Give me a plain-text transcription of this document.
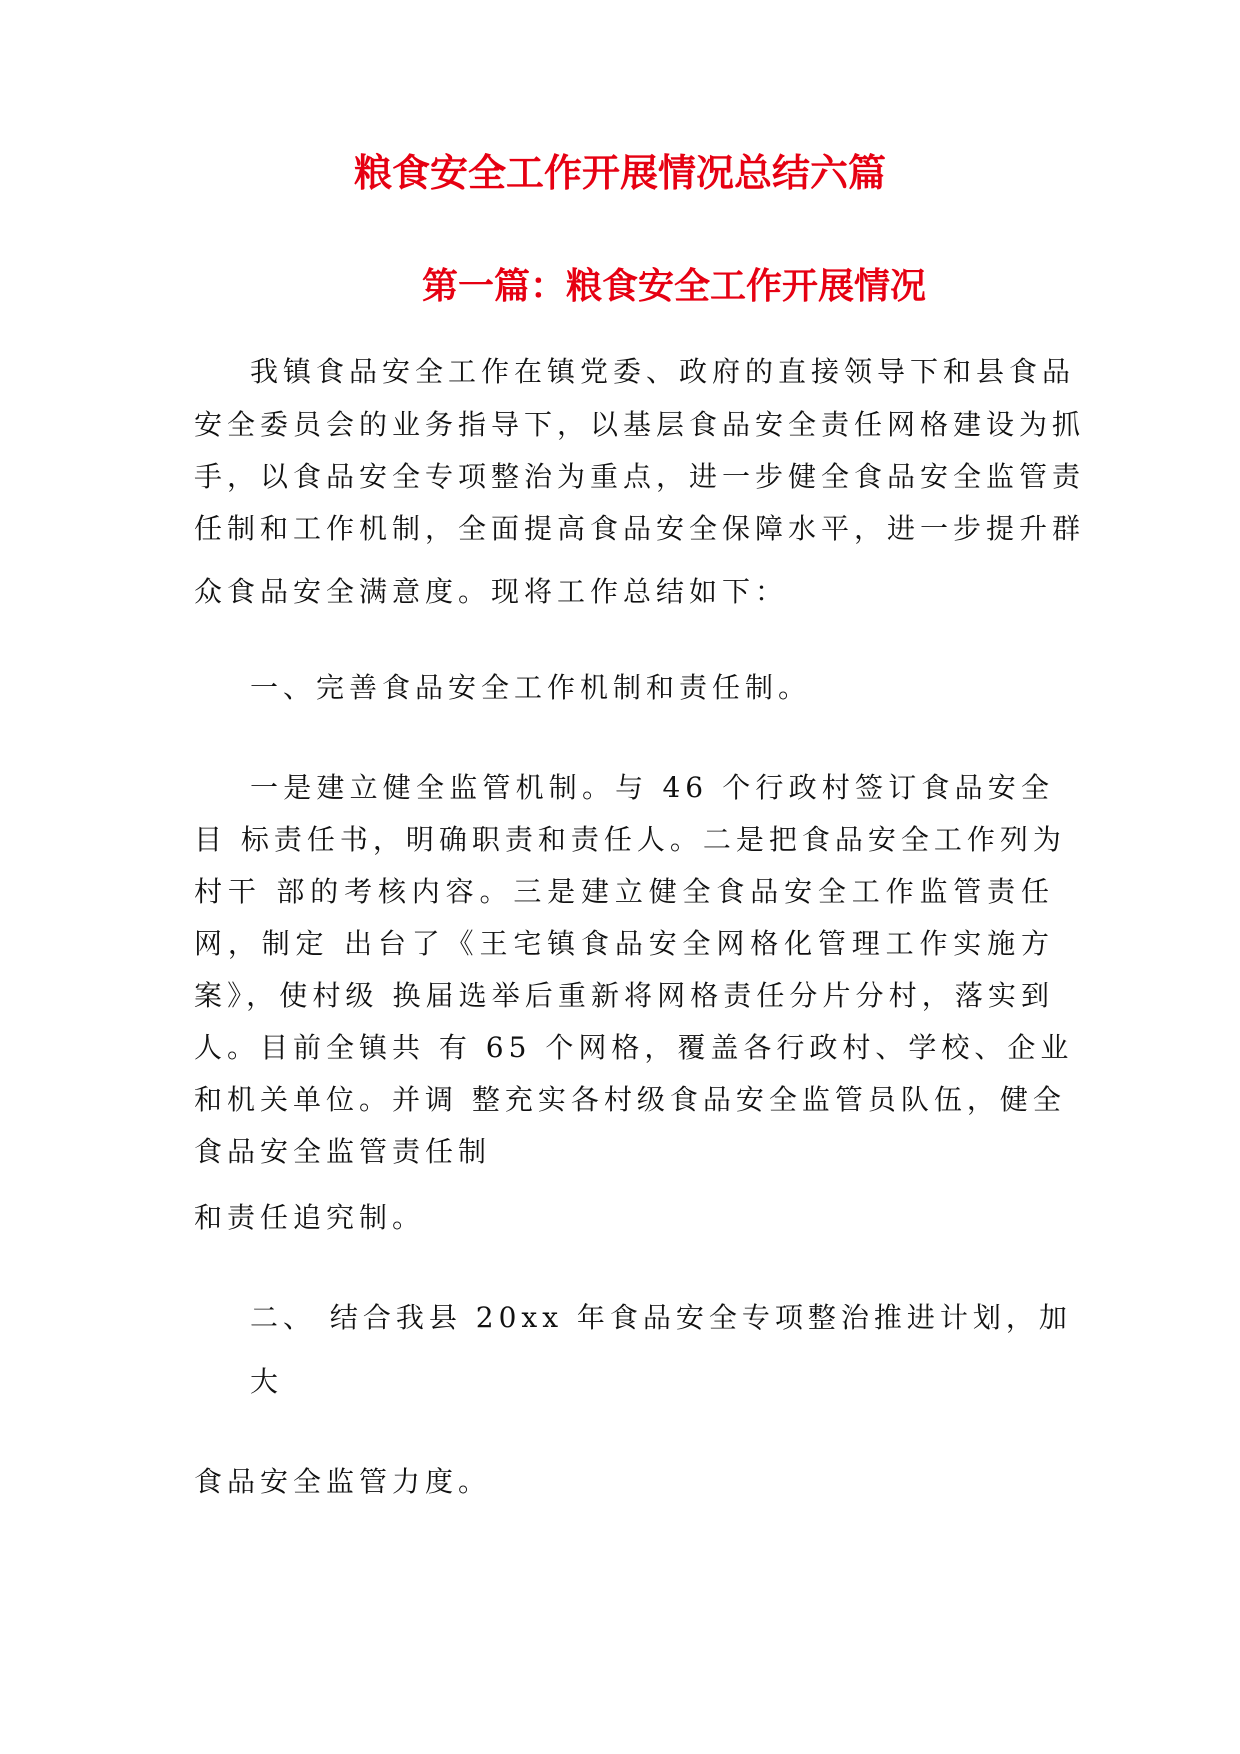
粮食安全工作开展情况总结六篇
第一篇：粮食安全工作开展情况
我镇食品安全工作在镇党委、政府的直接领导下和县食品
安全委员会的业务指导下，以基层食品安全责任网格建设为抓
手，以食品安全专项整治为重点，进一步健全食品安全监管责
任制和工作机制，全面提高食品安全保障水平，进一步提升群
众食品安全满意度。现将工作总结如下：
一、完善食品安全工作机制和责任制。
一是建立健全监管机制。与 46 个行政村签订食品安全
目 标责任书，明确职责和责任人。二是把食品安全工作列为
村干 部的考核内容。三是建立健全食品安全工作监管责任
网，制定 出台了《王宅镇食品安全网格化管理工作实施方
案》，使村级 换届选举后重新将网格责任分片分村，落实到
人。目前全镇共 有 65 个网格，覆盖各行政村、学校、企业
和机关单位。并调 整充实各村级食品安全监管员队伍，健全
食品安全监管责任制
和责任追究制。
二、 结合我县 20xx 年食品安全专项整治推进计划，加
大
食品安全监管力度。
